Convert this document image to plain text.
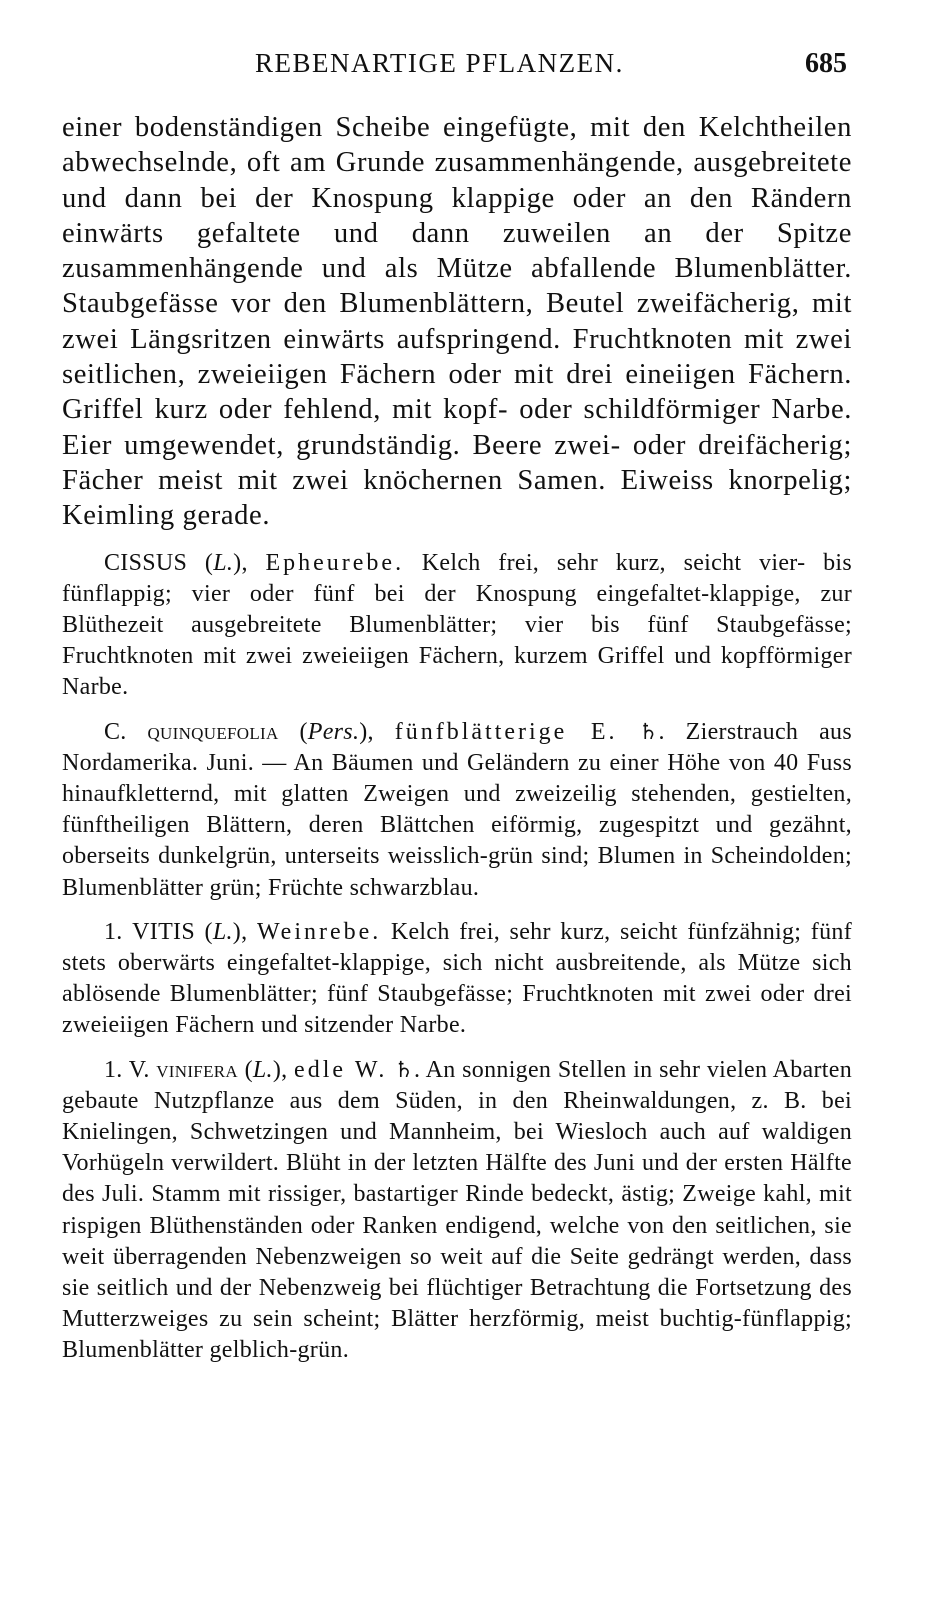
REBENARTIGE PFLANZEN.	685

einer bodenständigen Scheibe eingefügte, mit den Kelchtheilen abwechselnde, oft am Grunde zusammenhängende, ausgebreitete und dann bei der Knospung klappige oder an den Rändern einwärts gefaltete und dann zuweilen an der Spitze zusammenhängende und als Mütze abfallende Blumenblätter. Staubgefässe vor den Blumenblättern, Beutel zweifächerig, mit zwei Längsritzen einwärts aufspringend. Fruchtknoten mit zwei seitlichen, zweieiigen Fächern oder mit drei eineiigen Fächern. Griffel kurz oder fehlend, mit kopf- oder schildförmiger Narbe. Eier umgewendet, grundständig. Beere zwei- oder dreifächerig; Fächer meist mit zwei knöchernen Samen. Eiweiss knorpelig; Keimling gerade.

CISSUS (L.), Epheurebe. Kelch frei, sehr kurz, seicht vier- bis fünflappig; vier oder fünf bei der Knospung eingefaltet-klappige, zur Blüthezeit ausgebreitete Blumenblätter; vier bis fünf Staubgefässe; Fruchtknoten mit zwei zweieiigen Fächern, kurzem Griffel und kopfförmiger Narbe.

C. quinquefolia (Pers.), fünfblätterige E. ♄. Zierstrauch aus Nordamerika. Juni. — An Bäumen und Geländern zu einer Höhe von 40 Fuss hinaufkletternd, mit glatten Zweigen und zweizeilig stehenden, gestielten, fünftheiligen Blättern, deren Blättchen eiförmig, zugespitzt und gezähnt, oberseits dunkelgrün, unterseits weisslich-grün sind; Blumen in Scheindolden; Blumenblätter grün; Früchte schwarzblau.

1. VITIS (L.), Weinrebe. Kelch frei, sehr kurz, seicht fünfzähnig; fünf stets oberwärts eingefaltet-klappige, sich nicht ausbreitende, als Mütze sich ablösende Blumenblätter; fünf Staubgefässe; Fruchtknoten mit zwei oder drei zweieiigen Fächern und sitzender Narbe.

1. V. vinifera (L.), edle W. ♄. An sonnigen Stellen in sehr vielen Abarten gebaute Nutzpflanze aus dem Süden, in den Rheinwaldungen, z. B. bei Knielingen, Schwetzingen und Mannheim, bei Wiesloch auch auf waldigen Vorhügeln verwildert. Blüht in der letzten Hälfte des Juni und der ersten Hälfte des Juli. Stamm mit rissiger, bastartiger Rinde bedeckt, ästig; Zweige kahl, mit rispigen Blüthenständen oder Ranken endigend, welche von den seitlichen, sie weit überragenden Nebenzweigen so weit auf die Seite gedrängt werden, dass sie seitlich und der Nebenzweig bei flüchtiger Betrachtung die Fortsetzung des Mutterzweiges zu sein scheint; Blätter herzförmig, meist buchtig-fünflappig; Blumenblätter gelblich-grün.
